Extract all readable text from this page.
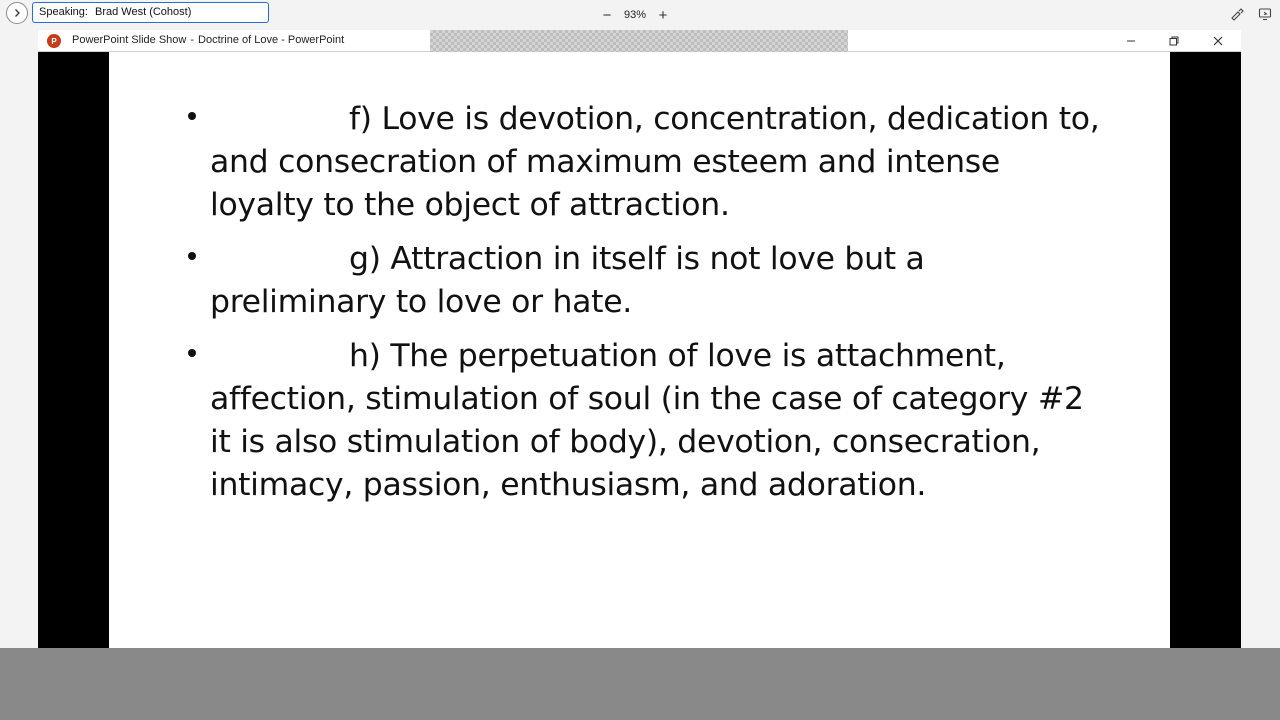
Speaking: Brad West (Cohost)	− 93% +
P PowerPoint Slide Show - Doctrine of Love - PowerPoint
f) Love is devotion, concentration, dedication to, and consecration of maximum esteem and intense loyalty to the object of attraction.
g) Attraction in itself is not love but a preliminary to love or hate.
h) The perpetuation of love is attachment, affection, stimulation of soul (in the case of category #2 it is also stimulation of body), devotion, consecration, intimacy, passion, enthusiasm, and adoration.
